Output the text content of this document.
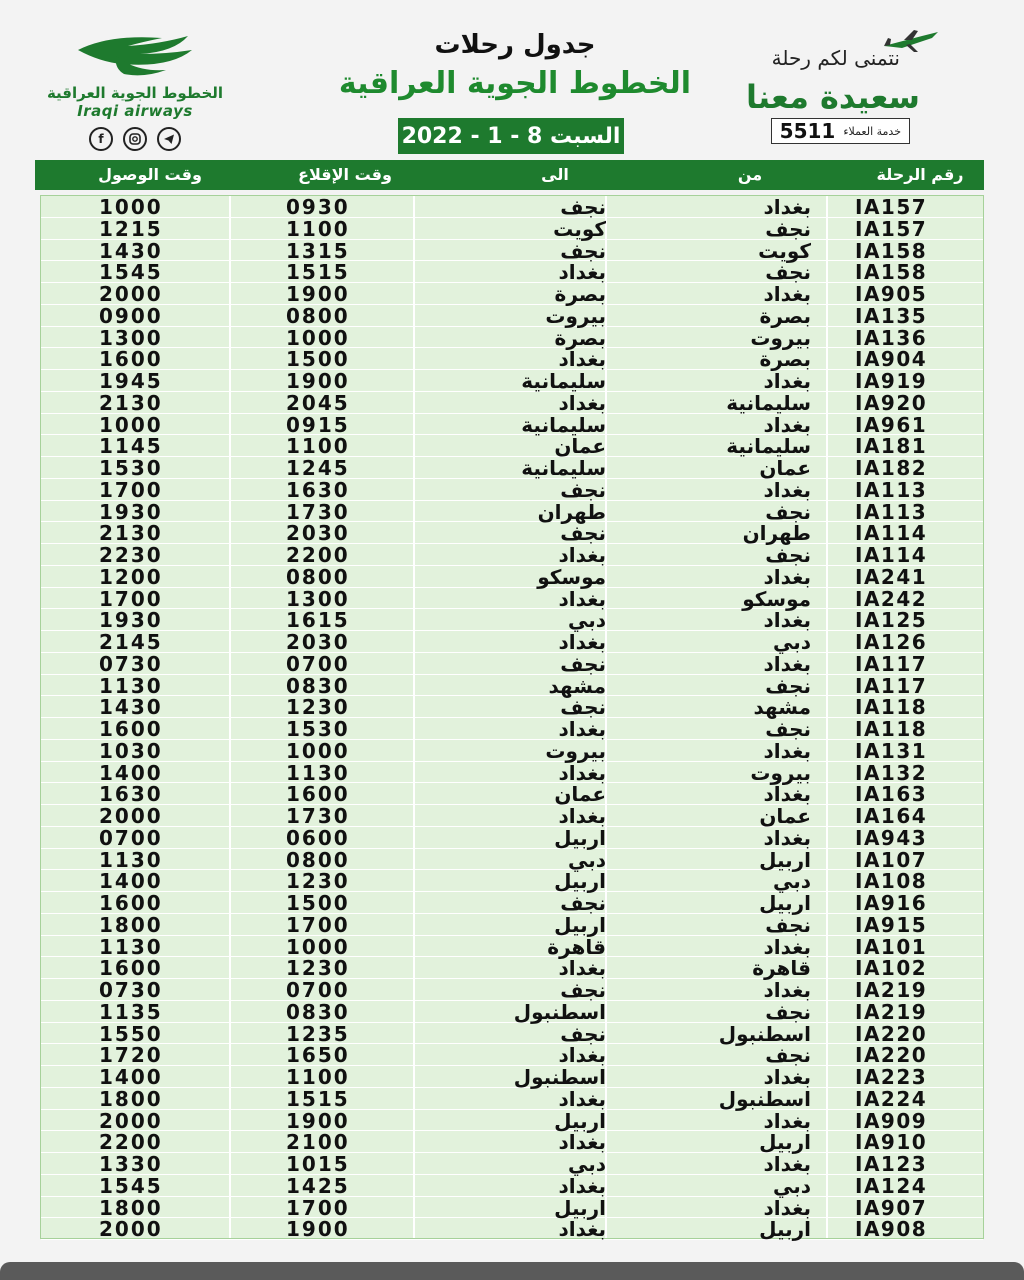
الخطوط الجوية العراقية
Iraqi airways
f
جدول رحلات
الخطوط الجوية العراقية
السبت 8 - 1 - 2022
نتمنى لكم رحلة
سعيدة معنا
خدمة العملاء
5511
وقت الوصول	وقت الإقلاع	الى	من	رقم الرحلة
1000	0930	نجف	بغداد IA157
1215	1100	كويت	نجف IA157
1430	1315	نجف	كويت IA158
1545	1515	بغداد	نجف IA158
2000	1900	بصرة	بغداد IA905
0900	0800	بيروت	بصرة IA135
1300	1000	بصرة	بيروت IA136
1600	1500	بغداد	بصرة IA904
1945	1900	سليمانية	بغداد IA919
2130	2045	بغداد	سليمانية IA920
1000	0915	سليمانية	بغداد IA961
1145	1100	عمان	سليمانية IA181
1530	1245	سليمانية	عمان IA182
1700	1630	نجف	بغداد IA113
1930	1730	طهران	نجف IA113
2130	2030	نجف	طهران IA114
2230	2200	بغداد	نجف IA114
1200	0800	موسكو	بغداد IA241
1700	1300	بغداد	موسكو IA242
1930	1615	دبي	بغداد IA125
2145	2030	بغداد	دبي IA126
0730	0700	نجف	بغداد IA117
1130	0830	مشهد	نجف IA117
1430	1230	نجف	مشهد IA118
1600	1530	بغداد	نجف IA118
1030	1000	بيروت	بغداد IA131
1400	1130	بغداد	بيروت IA132
1630	1600	عمان	بغداد IA163
2000	1730	بغداد	عمان IA164
0700	0600	اربيل	بغداد IA943
1130	0800	دبي	اربيل IA107
1400	1230	اربيل	دبي IA108
1600	1500	نجف	اربيل IA916
1800	1700	اربيل	نجف IA915
1130	1000	قاهرة	بغداد IA101
1600	1230	بغداد	قاهرة IA102
0730	0700	نجف	بغداد IA219
1135	0830	اسطنبول	نجف IA219
1550	1235	نجف	اسطنبول IA220
1720	1650	بغداد	نجف IA220
1400	1100	اسطنبول	بغداد IA223
1800	1515	بغداد	اسطنبول IA224
2000	1900	اربيل	بغداد IA909
2200	2100	بغداد	اربيل IA910
1330	1015	دبي	بغداد IA123
1545	1425	بغداد	دبي IA124
1800	1700	اربيل	بغداد IA907
2000	1900	بغداد	اربيل IA908
